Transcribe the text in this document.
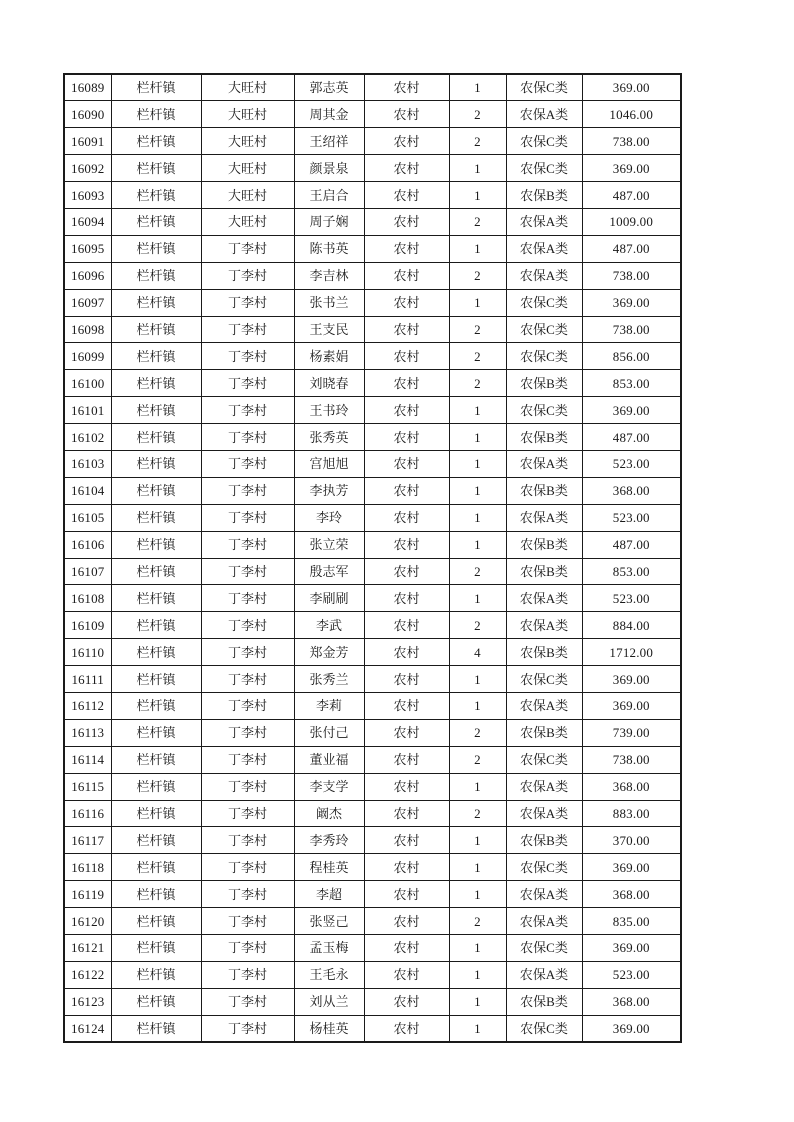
16089	栏杆镇	大旺村	郭志英	农村	1	农保C类	369.00
16090	栏杆镇	大旺村	周其金	农村	2	农保A类	1046.00
16091	栏杆镇	大旺村	王绍祥	农村	2	农保C类	738.00
16092	栏杆镇	大旺村	颜景泉	农村	1	农保C类	369.00
16093	栏杆镇	大旺村	王启合	农村	1	农保B类	487.00
16094	栏杆镇	大旺村	周子娴	农村	2	农保A类	1009.00
16095	栏杆镇	丁李村	陈书英	农村	1	农保A类	487.00
16096	栏杆镇	丁李村	李吉林	农村	2	农保A类	738.00
16097	栏杆镇	丁李村	张书兰	农村	1	农保C类	369.00
16098	栏杆镇	丁李村	王支民	农村	2	农保C类	738.00
16099	栏杆镇	丁李村	杨素娟	农村	2	农保C类	856.00
16100	栏杆镇	丁李村	刘晓春	农村	2	农保B类	853.00
16101	栏杆镇	丁李村	王书玲	农村	1	农保C类	369.00
16102	栏杆镇	丁李村	张秀英	农村	1	农保B类	487.00
16103	栏杆镇	丁李村	宫旭旭	农村	1	农保A类	523.00
16104	栏杆镇	丁李村	李执芳	农村	1	农保B类	368.00
16105	栏杆镇	丁李村	李玲	农村	1	农保A类	523.00
16106	栏杆镇	丁李村	张立荣	农村	1	农保B类	487.00
16107	栏杆镇	丁李村	殷志军	农村	2	农保B类	853.00
16108	栏杆镇	丁李村	李刷刷	农村	1	农保A类	523.00
16109	栏杆镇	丁李村	李武	农村	2	农保A类	884.00
16110	栏杆镇	丁李村	郑金芳	农村	4	农保B类	1712.00
16111	栏杆镇	丁李村	张秀兰	农村	1	农保C类	369.00
16112	栏杆镇	丁李村	李莉	农村	1	农保A类	369.00
16113	栏杆镇	丁李村	张付己	农村	2	农保B类	739.00
16114	栏杆镇	丁李村	董业福	农村	2	农保C类	738.00
16115	栏杆镇	丁李村	李支学	农村	1	农保A类	368.00
16116	栏杆镇	丁李村	阚杰	农村	2	农保A类	883.00
16117	栏杆镇	丁李村	李秀玲	农村	1	农保B类	370.00
16118	栏杆镇	丁李村	程桂英	农村	1	农保C类	369.00
16119	栏杆镇	丁李村	李超	农村	1	农保A类	368.00
16120	栏杆镇	丁李村	张竖己	农村	2	农保A类	835.00
16121	栏杆镇	丁李村	孟玉梅	农村	1	农保C类	369.00
16122	栏杆镇	丁李村	王毛永	农村	1	农保A类	523.00
16123	栏杆镇	丁李村	刘从兰	农村	1	农保B类	368.00
16124	栏杆镇	丁李村	杨桂英	农村	1	农保C类	369.00
